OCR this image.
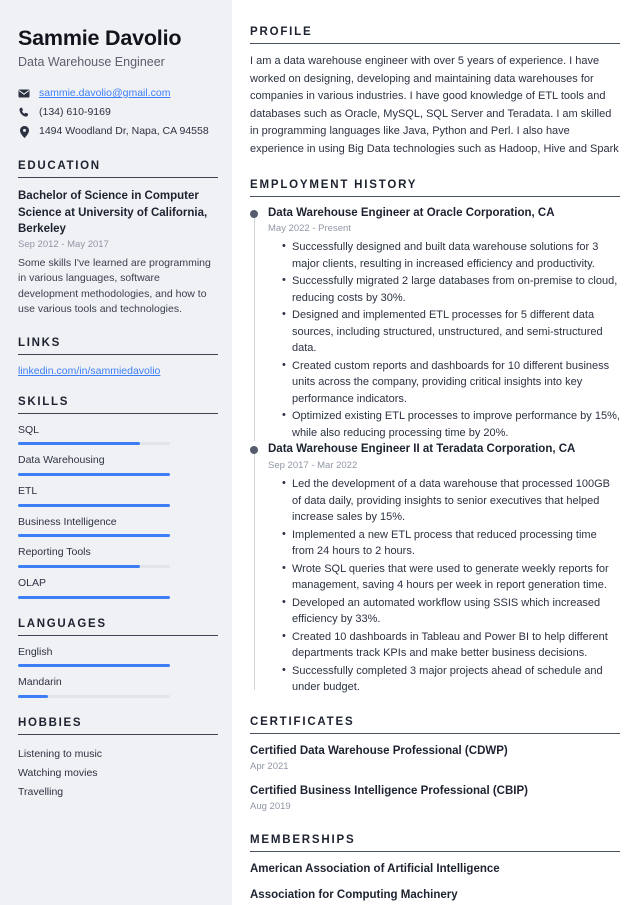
Sammie Davolio
Data Warehouse Engineer
sammie.davolio@gmail.com
(134) 610-9169
1494 Woodland Dr, Napa, CA 94558
EDUCATION
Bachelor of Science in Computer Science at University of California, Berkeley
Sep 2012 - May 2017
Some skills I've learned are programming in various languages, software development methodologies, and how to use various tools and technologies.
LINKS
linkedin.com/in/sammiedavolio
SKILLS
SQL
Data Warehousing
ETL
Business Intelligence
Reporting Tools
OLAP
LANGUAGES
English
Mandarin
HOBBIES
Listening to music
Watching movies
Travelling
PROFILE

I am a data warehouse engineer with over 5 years of experience. I have worked on designing, developing and maintaining data warehouses for companies in various industries. I have good knowledge of ETL tools and databases such as Oracle, MySQL, SQL Server and Teradata. I am skilled in programming languages like Java, Python and Perl. I also have experience in using Big Data technologies such as Hadoop, Hive and Spark

EMPLOYMENT HISTORY
Data Warehouse Engineer at Oracle Corporation, CA
May 2022 - Present
• Successfully designed and built data warehouse solutions for 3 major clients, resulting in increased efficiency and productivity.
• Successfully migrated 2 large databases from on-premise to cloud, reducing costs by 30%.
• Designed and implemented ETL processes for 5 different data sources, including structured, unstructured, and semi-structured data.
• Created custom reports and dashboards for 10 different business units across the company, providing critical insights into key performance indicators.
• Optimized existing ETL processes to improve performance by 15%, while also reducing processing time by 20%.
Data Warehouse Engineer II at Teradata Corporation, CA
Sep 2017 - Mar 2022
• Led the development of a data warehouse that processed 100GB of data daily, providing insights to senior executives that helped increase sales by 15%.
• Implemented a new ETL process that reduced processing time from 24 hours to 2 hours.
• Wrote SQL queries that were used to generate weekly reports for management, saving 4 hours per week in report generation time.
• Developed an automated workflow using SSIS which increased efficiency by 33%.
• Created 10 dashboards in Tableau and Power BI to help different departments track KPIs and make better business decisions.
• Successfully completed 3 major projects ahead of schedule and under budget.
CERTIFICATES
Certified Data Warehouse Professional (CDWP)
Apr 2021
Certified Business Intelligence Professional (CBIP)
Aug 2019
MEMBERSHIPS
American Association of Artificial Intelligence
Association for Computing Machinery
